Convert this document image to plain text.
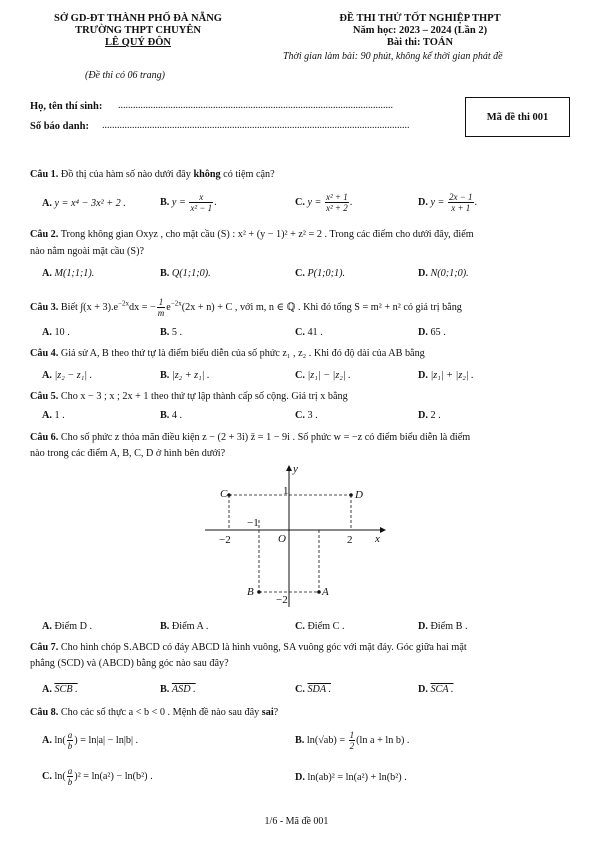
SỞ GD-ĐT THÀNH PHỐ ĐÀ NẴNG
TRƯỜNG THPT CHUYÊN
LÊ QUÝ ĐÔN
(Đề thi có 06 trang)
ĐỀ THI THỬ TỐT NGHIỆP THPT
Năm học: 2023 – 2024 (Lần 2)
Bài thi: TOÁN
Thời gian làm bài: 90 phút, không kể thời gian phát đề
Họ, tên thí sinh: ..............................................................................................................
Số báo danh: ...........................................................................................................................
Mã đề thi 001
Câu 1. Đồ thị của hàm số nào dưới đây không có tiệm cận?
A. y = x⁴ − 3x² + 2 .	B. $y = \frac{x}{\text{x² − 1}}$ .	C. $y = \frac{\text{x² + 1}}{\text{x² + 2}}$ .	D. $y = \frac{2x - 1}{x + 1}$ .
Câu 2. Trong không gian Oxyz , cho mặt cầu (S) : x² + (y − 1)² + z² = 2 . Trong các điểm cho dưới đây, điểm
nào nằm ngoài mặt cầu (S)?
A. M(1;1;1).	B. Q(1;1;0).	C. P(1;0;1).	D. N(0;1;0).
Câu 3. Biết $\int(x + 3).e^{-2x}dx$ = − $\frac{1}{m} e^{-2x}(2x + n) + C$ , với m, n ∈ ℚ . Khi đó tổng S = m² + n² có giá trị bằng
A. 10 .	B. 5 .	C. 41 .	D. 65 .
Câu 4. Giả sử A, B theo thứ tự là điểm biểu diễn của số phức z₁ , z₂ . Khi đó độ dài của AB bằng
A. |z₂ − z₁| .	B. |z₂ + z₁| .	C. |z₁| − |z₂| .	D. |z₁| + |z₂| .
Câu 5. Cho x − 3 ; x ; 2x + 1 theo thứ tự lập thành cấp số cộng. Giá trị x bằng
A. 1 .	B. 4 .	C. 3 .	D. 2 .
Câu 6. Cho số phức z thỏa mãn điều kiện z − (2 + 3i) z̄ = 1 − 9i . Số phức w = −z có điểm biểu diễn là điểm
nào trong các điểm A, B, C, D ở hình bên dưới?
y
x
O
C	D
B	A
−2	2
1
−1
−2
A. Điểm D .	B. Điểm A .	C. Điểm C .	D. Điểm B .
Câu 7. Cho hình chóp S.ABCD có đáy ABCD là hình vuông, SA vuông góc với mặt đáy. Góc giữa hai mặt
phẳng (SCD) và (ABCD) bằng góc nào sau đây?
A. SCB .	B. ASD .	C. SDA .	D. SCA .
Câu 8. Cho các số thực a < b < 0 . Mệnh đề nào sau đây sai?
A. $\ln( \frac{a}{b}$ ) = ln|a| − ln|b| .	B. $\ln(√ab) = \frac{1}{2} (\ln$ a + ln b) .
C. $\ln( \frac{a}{b} )^2 = \ln(a^2) - \ln(b^2)$ .	D. ln(ab)² = ln(a²) + ln(b²) .
1/6 - Mã đề 001
